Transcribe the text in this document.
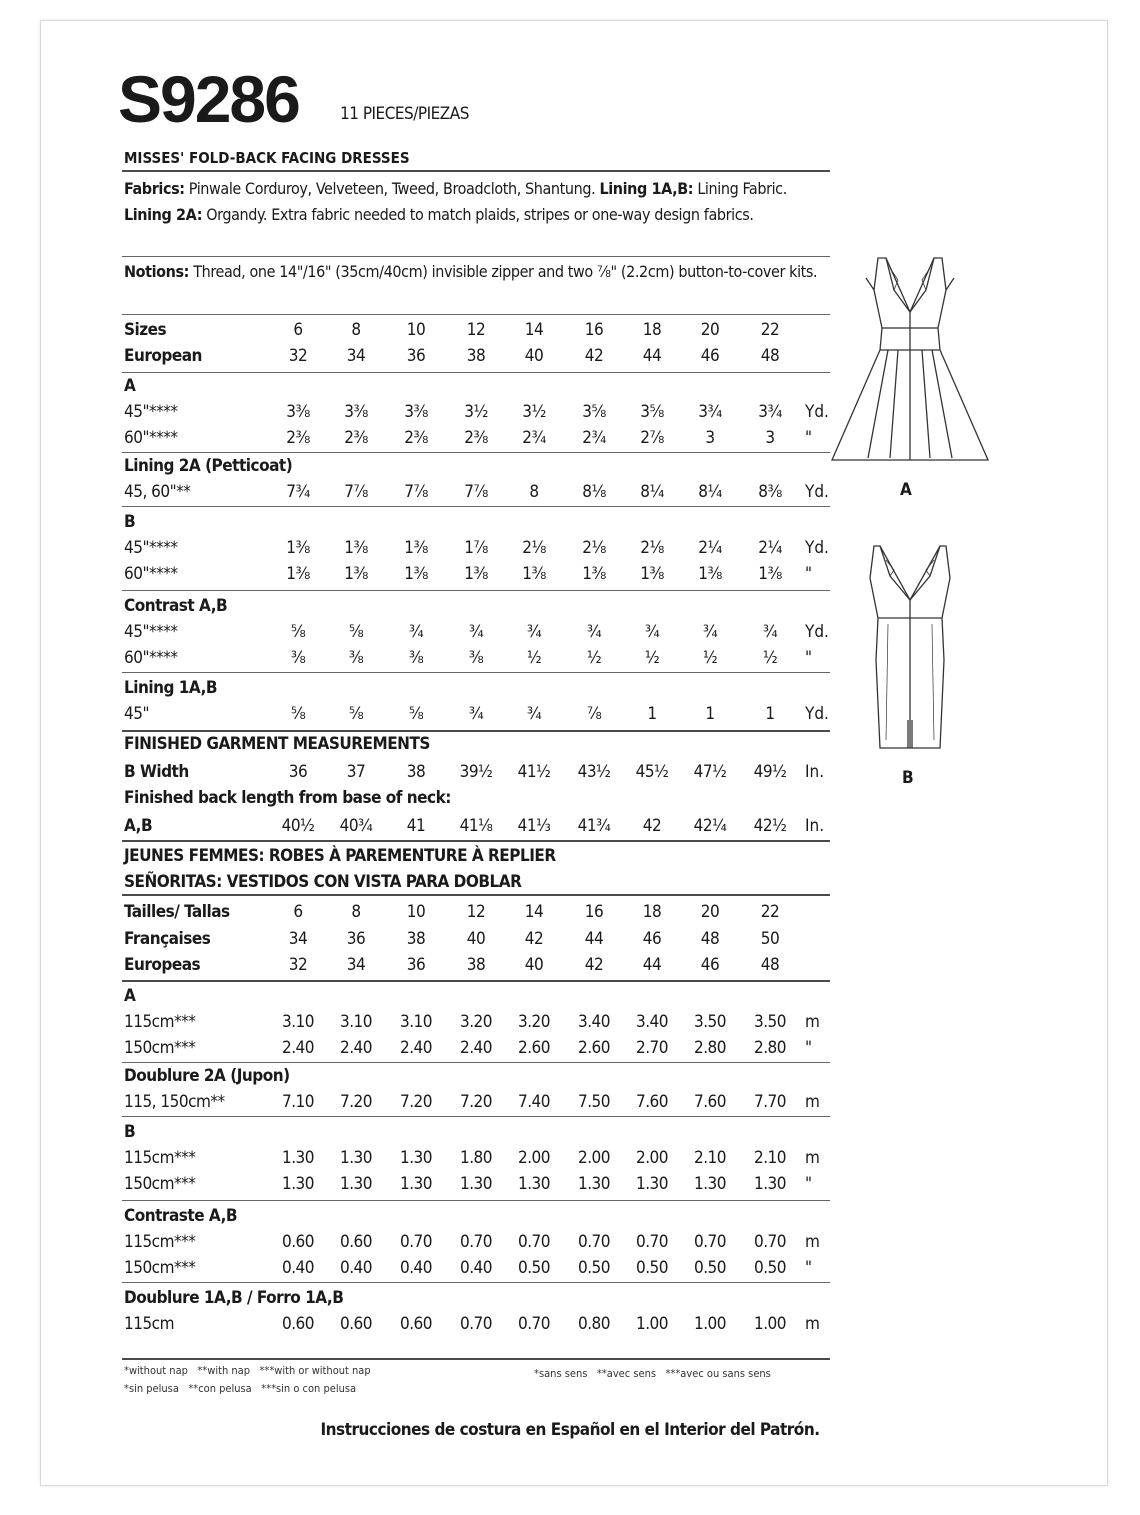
S9286 11 PIECES/PIEZAS
MISSES' FOLD-BACK FACING DRESSES
Fabrics: Pinwale Corduroy, Velveteen, Tweed, Broadcloth, Shantung. Lining 1A,B: Lining Fabric. Lining 2A: Organdy. Extra fabric needed to match plaids, stripes or one-way design fabrics.
Notions: Thread, one 14"/16" (35cm/40cm) invisible zipper and two ⅞" (2.2cm) button-to-cover kits.
Sizes	6	8	10	12	14	16	18	20	22
European	32	34	36	38	40	42	44	46	48
A
45"****	3⅜	3⅜	3⅜	3½	3½	3⅝	3⅝	3¾	3¾	Yd.
60"****	2⅜	2⅜	2⅜	2⅜	2¾	2¾	2⅞	3	3	"
Lining 2A (Petticoat)
45, 60"**	7¾	7⅞	7⅞	7⅞	8	8⅛	8¼	8¼	8⅜	Yd.
B
45"****	1⅜	1⅜	1⅜	1⅞	2⅛	2⅛	2⅛	2¼	2¼	Yd.
60"****	1⅜	1⅜	1⅜	1⅜	1⅜	1⅜	1⅜	1⅜	1⅜	"
Contrast A,B
45"****	⅝	⅝	¾	¾	¾	¾	¾	¾	¾	Yd.
60"****	⅜	⅜	⅜	⅜	½	½	½	½	½	"
Lining 1A,B
45"	⅝	⅝	⅝	¾	¾	⅞	1	1	1	Yd.
FINISHED GARMENT MEASUREMENTS
B Width	36	37	38	39½	41½	43½	45½	47½	49½	In.
Finished back length from base of neck:
A,B	40½	40¾	41	41⅛	41⅓	41¾	42	42¼	42½	In.
JEUNES FEMMES: ROBES À PAREMENTURE À REPLIER
SEÑORITAS: VESTIDOS CON VISTA PARA DOBLAR
Tailles/ Tallas	6	8	10	12	14	16	18	20	22
Françaises	34	36	38	40	42	44	46	48	50
Europeas	32	34	36	38	40	42	44	46	48
A
115cm***	3.10	3.10	3.10	3.20	3.20	3.40	3.40	3.50	3.50	m
150cm***	2.40	2.40	2.40	2.40	2.60	2.60	2.70	2.80	2.80	"
Doublure 2A (Jupon)
115, 150cm**	7.10	7.20	7.20	7.20	7.40	7.50	7.60	7.60	7.70	m
B
115cm***	1.30	1.30	1.30	1.80	2.00	2.00	2.00	2.10	2.10	m
150cm***	1.30	1.30	1.30	1.30	1.30	1.30	1.30	1.30	1.30	"
Contraste A,B
115cm***	0.60	0.60	0.70	0.70	0.70	0.70	0.70	0.70	0.70	m
150cm***	0.40	0.40	0.40	0.40	0.50	0.50	0.50	0.50	0.50	"
Doublure 1A,B / Forro 1A,B
115cm	0.60	0.60	0.60	0.70	0.70	0.80	1.00	1.00	1.00	m
A
B
*without nap **with nap ***with or without nap
*sin pelusa **con pelusa ***sin o con pelusa
*sans sens **avec sens ***avec ou sans sens
Instrucciones de costura en Español en el Interior del Patrón.
